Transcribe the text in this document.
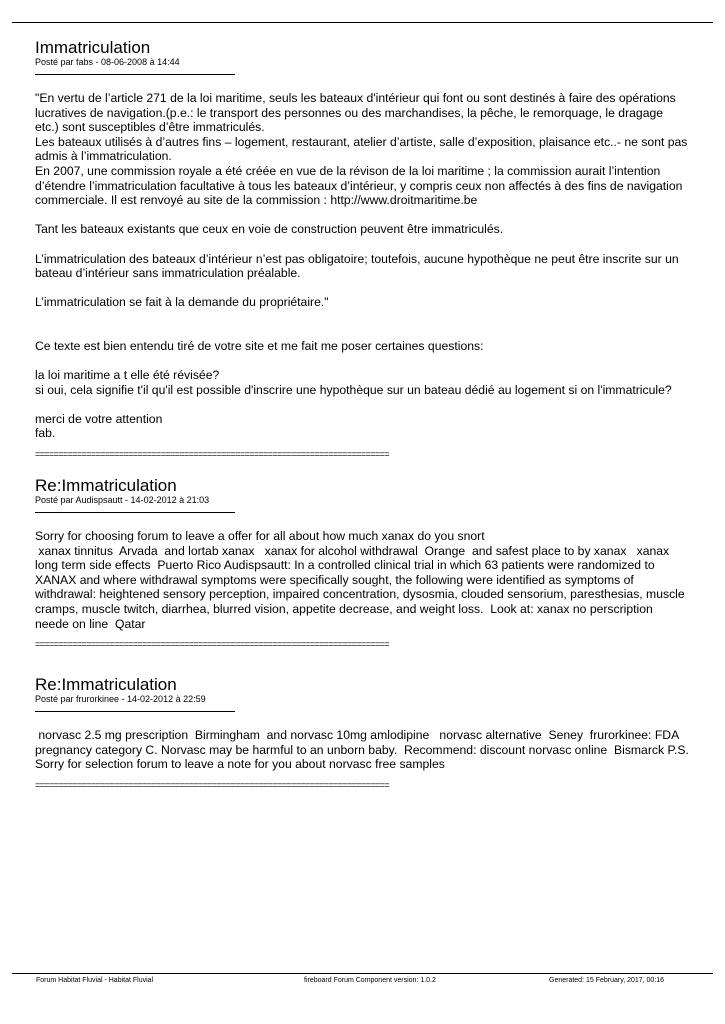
Immatriculation

Posté par fabs - 08-06-2008 à 14:44

"En vertu de l’article 271 de la loi maritime, seuls les bateaux d'intérieur qui font ou sont destinés à faire des opérations lucratives de navigation.(p.e.: le transport des personnes ou des marchandises, la pêche, le remorquage, le dragage etc.) sont susceptibles d’être immatriculés.
Les bateaux utilisés à d’autres fins – logement, restaurant, atelier d’artiste, salle d’exposition, plaisance etc..- ne sont pas admis à l’immatriculation.
En 2007, une commission royale a été créée en vue de la révison de la loi maritime ; la commission aurait l’intention d’étendre l’immatriculation facultative à tous les bateaux d’intérieur, y compris ceux non affectés à des fins de navigation commerciale. Il est renvoyé au site de la commission : http://www.droitmaritime.be

Tant les bateaux existants que ceux en voie de construction peuvent être immatriculés.

L’immatriculation des bateaux d’intérieur n’est pas obligatoire; toutefois, aucune hypothèque ne peut être inscrite sur un bateau d’intérieur sans immatriculation préalable.

L’immatriculation se fait à la demande du propriétaire."

Ce texte est bien entendu tiré de votre site et me fait me poser certaines questions:

la loi maritime a t elle été révisée?
si oui, cela signifie t'il qu'il est possible d'inscrire une hypothèque sur un bateau dédié au logement si on l'immatricule?

merci de votre attention
fab.

============================================================================
Re:Immatriculation

Posté par Audispsautt - 14-02-2012 à 21:03

Sorry for choosing forum to leave a offer for all about how much xanax do you snort
xanax tinnitus  Arvada  and lortab xanax   xanax for alcohol withdrawal  Orange  and safest place to by xanax   xanax long term side effects  Puerto Rico Audispsautt: In a controlled clinical trial in which 63 patients were randomized to XANAX and where withdrawal symptoms were specifically sought, the following were identified as symptoms of withdrawal: heightened sensory perception, impaired concentration, dysosmia, clouded sensorium, paresthesias, muscle cramps, muscle twitch, diarrhea, blurred vision, appetite decrease, and weight loss.  Look at: xanax no perscription neede on line  Qatar

============================================================================
Re:Immatriculation

Posté par frurorkinee - 14-02-2012 à 22:59

norvasc 2.5 mg prescription  Birmingham  and norvasc 10mg amlodipine   norvasc alternative  Seney  frurorkinee: FDA pregnancy category C. Norvasc may be harmful to an unborn baby.  Recommend: discount norvasc online  Bismarck P.S. Sorry for selection forum to leave a note for you about norvasc free samples

============================================================================
Forum Habitat Fluvial - Habitat Fluvial	fireboard Forum Component version: 1.0.2	Generated: 15 February, 2017, 00:16
